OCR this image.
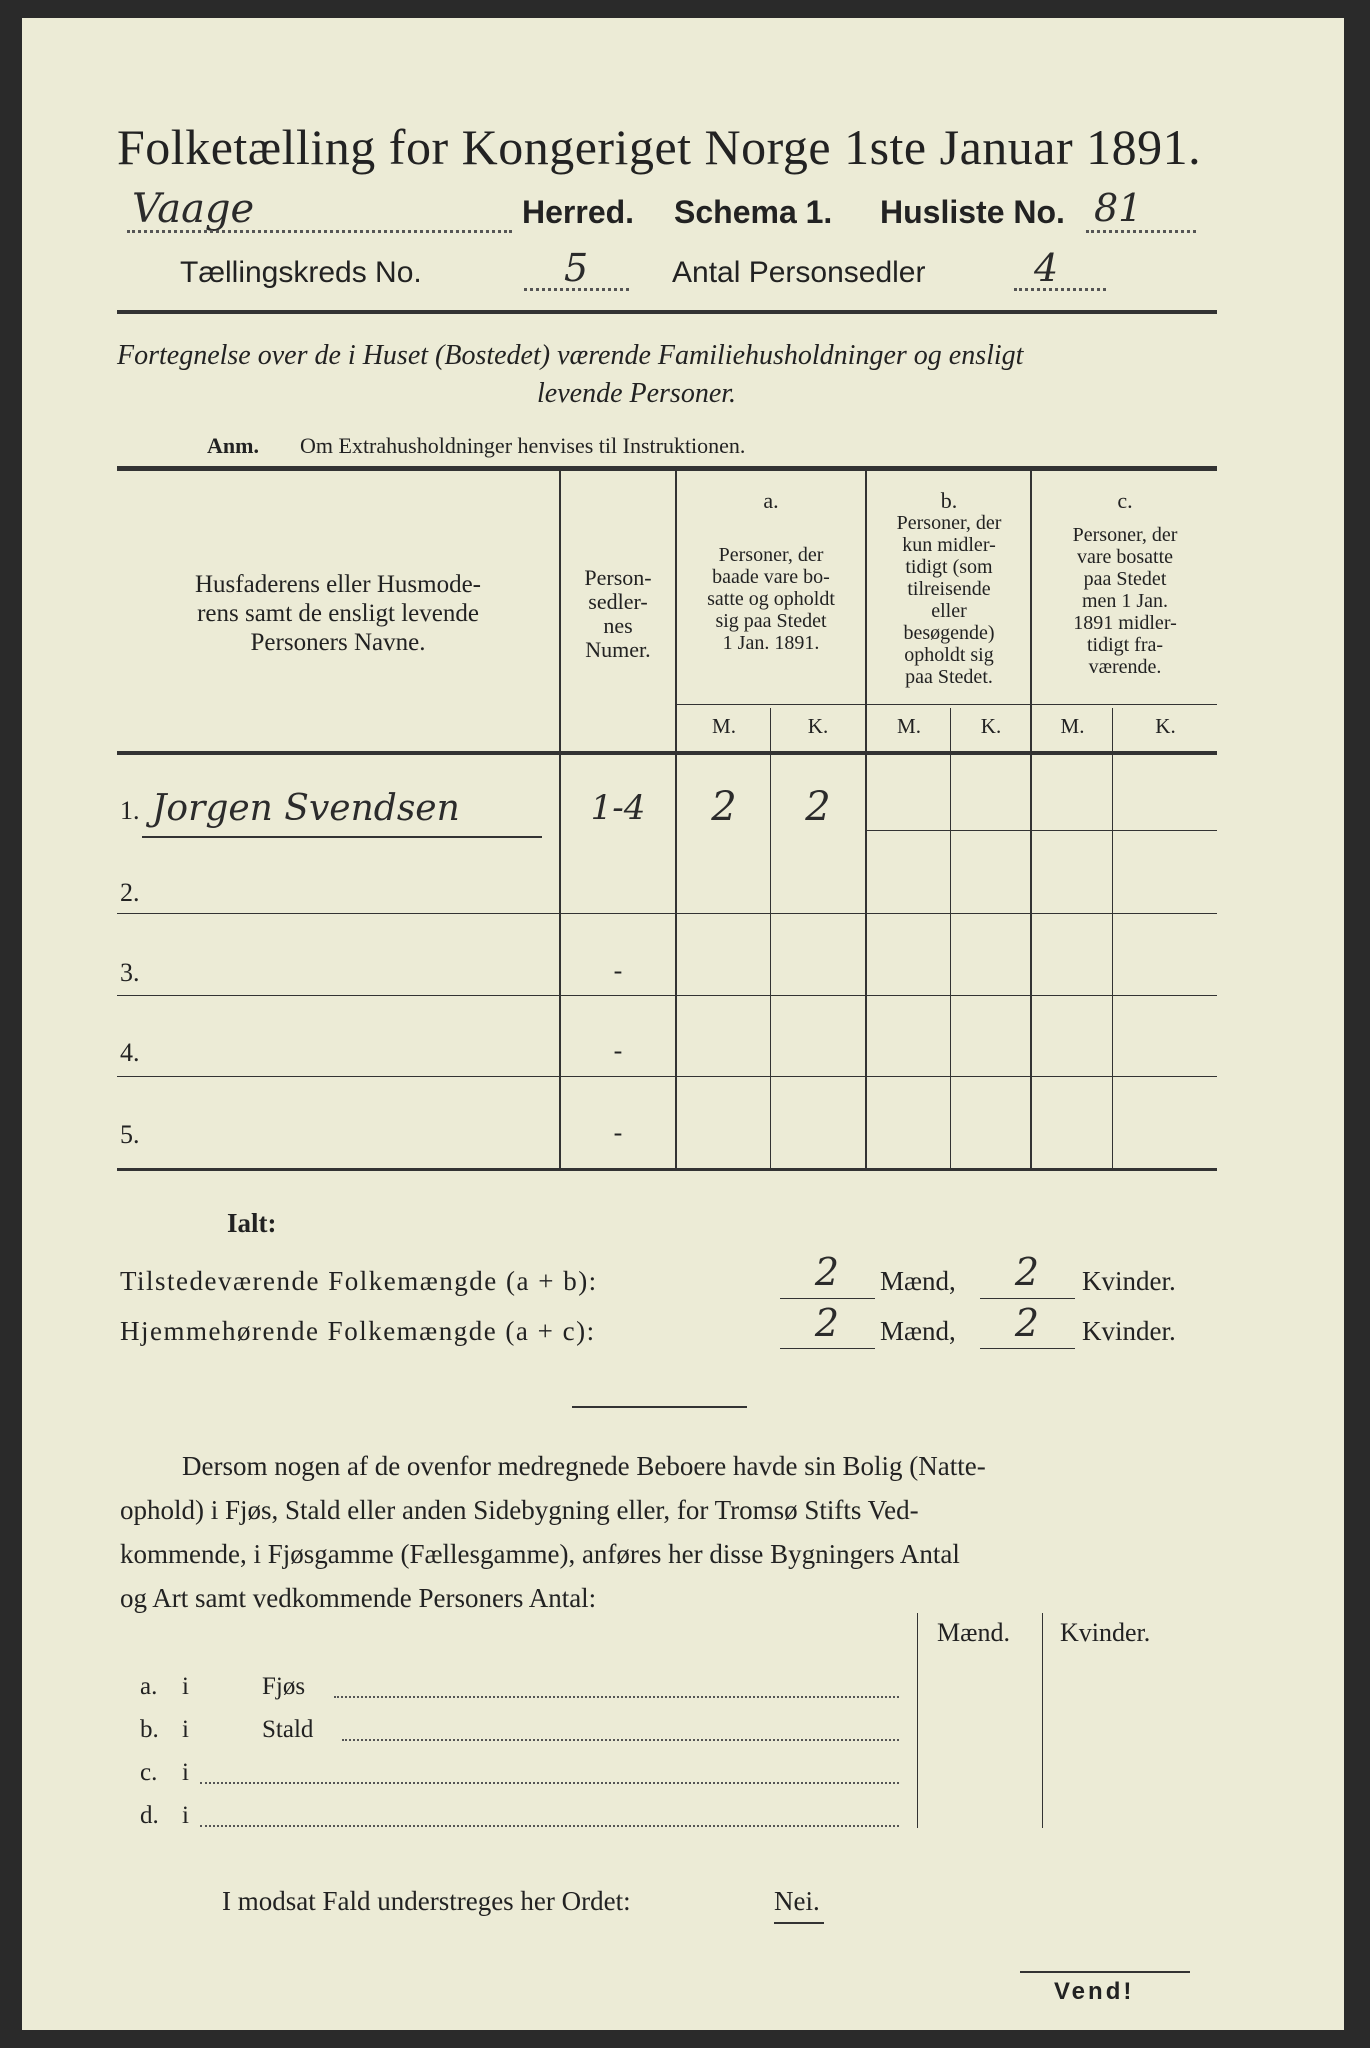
Folketælling for Kongeriget Norge 1ste Januar 1891.
Vaage	Herred. Schema 1. Husliste No. 81
Tællingskreds No.	5	Antal Personsedler	4
Fortegnelse over de i Huset (Bostedet) værende Familiehusholdninger og ensligt
levende Personer.
Anm. Om Extrahusholdninger henvises til Instruktionen.
Husfaderens eller Husmode-
rens samt de ensligt levende
Personers Navne.
Person-
sedler-
nes
Numer.
a.
Personer, der
baade vare bo-
satte og opholdt
sig paa Stedet
1 Jan. 1891.
b.
Personer, der
kun midler-
tidigt (som
tilreisende
eller
besøgende)
opholdt sig
paa Stedet.
c.
Personer, der
vare bosatte
paa Stedet
men 1 Jan.
1891 midler-
tidigt fra-
værende.
M.	K.	M.	K.	M.	K.
1. Jorgen Svendsen	1-4	2	2
2.
3.	-
4.	-
5.	-
Ialt:
Tilstedeværende Folkemængde (a + b):	2	Mænd,	2	Kvinder.
Hjemmehørende Folkemængde (a + c):	2	Mænd,	2	Kvinder.
Dersom nogen af de ovenfor medregnede Beboere havde sin Bolig (Natte-
ophold) i Fjøs, Stald eller anden Sidebygning eller, for Tromsø Stifts Ved-
kommende, i Fjøsgamme (Fællesgamme), anføres her disse Bygningers Antal
og Art samt vedkommende Personers Antal:
Mænd. Kvinder.
a. i	Fjøs
b. i	Stald
c. i
d. i
I modsat Fald understreges her Ordet:	Nei.
Vend!
